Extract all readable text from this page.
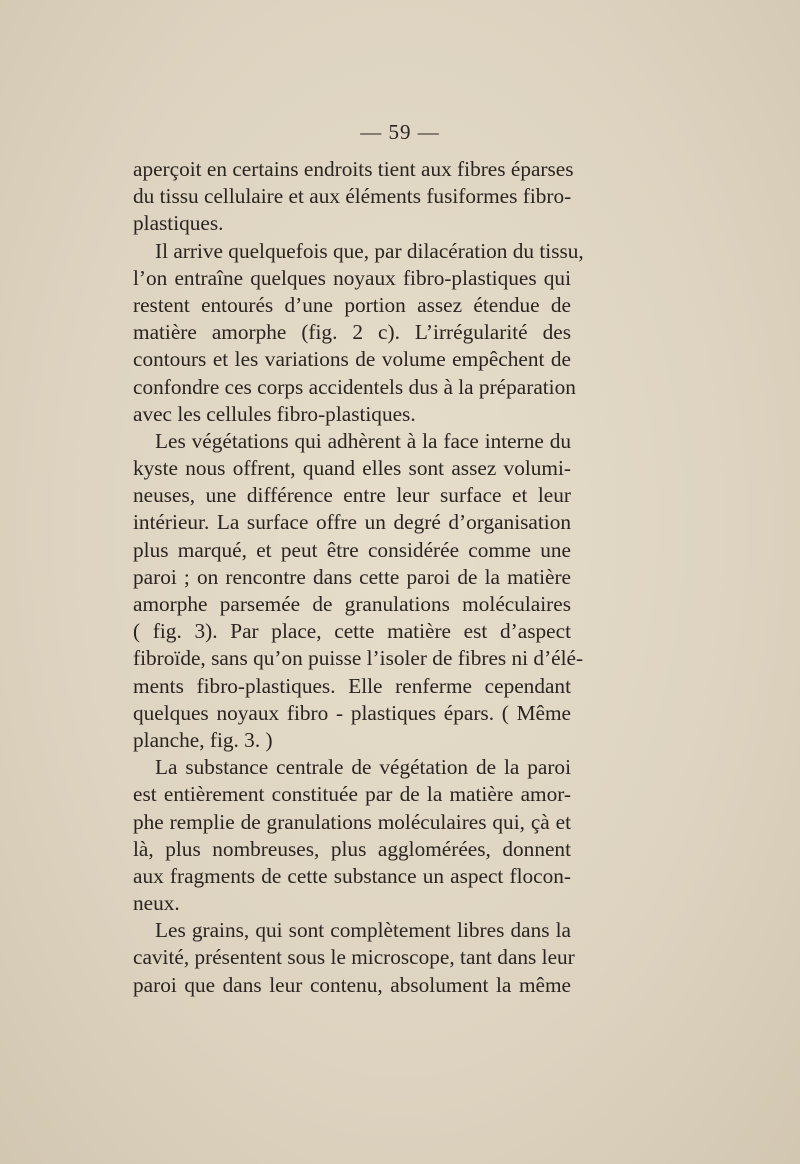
— 59 —
aperçoit en certains endroits tient aux fibres éparses
du tissu cellulaire et aux éléments fusiformes fibro-
plastiques.
Il arrive quelquefois que, par dilacération du tissu,
l’on entraîne quelques noyaux fibro-plastiques qui
restent entourés d’une portion assez étendue de
matière amorphe (fig. 2 c). L’irrégularité des
contours et les variations de volume empêchent de
confondre ces corps accidentels dus à la préparation
avec les cellules fibro-plastiques.
Les végétations qui adhèrent à la face interne du
kyste nous offrent, quand elles sont assez volumi-
neuses, une différence entre leur surface et leur
intérieur. La surface offre un degré d’organisation
plus marqué, et peut être considérée comme une
paroi ; on rencontre dans cette paroi de la matière
amorphe parsemée de granulations moléculaires
( fig. 3). Par place, cette matière est d’aspect
fibroïde, sans qu’on puisse l’isoler de fibres ni d’élé-
ments fibro-plastiques. Elle renferme cependant
quelques noyaux fibro - plastiques épars. ( Même
planche, fig. 3. )
La substance centrale de végétation de la paroi
est entièrement constituée par de la matière amor-
phe remplie de granulations moléculaires qui, çà et
là, plus nombreuses, plus agglomérées, donnent
aux fragments de cette substance un aspect flocon-
neux.
Les grains, qui sont complètement libres dans la
cavité, présentent sous le microscope, tant dans leur
paroi que dans leur contenu, absolument la même
